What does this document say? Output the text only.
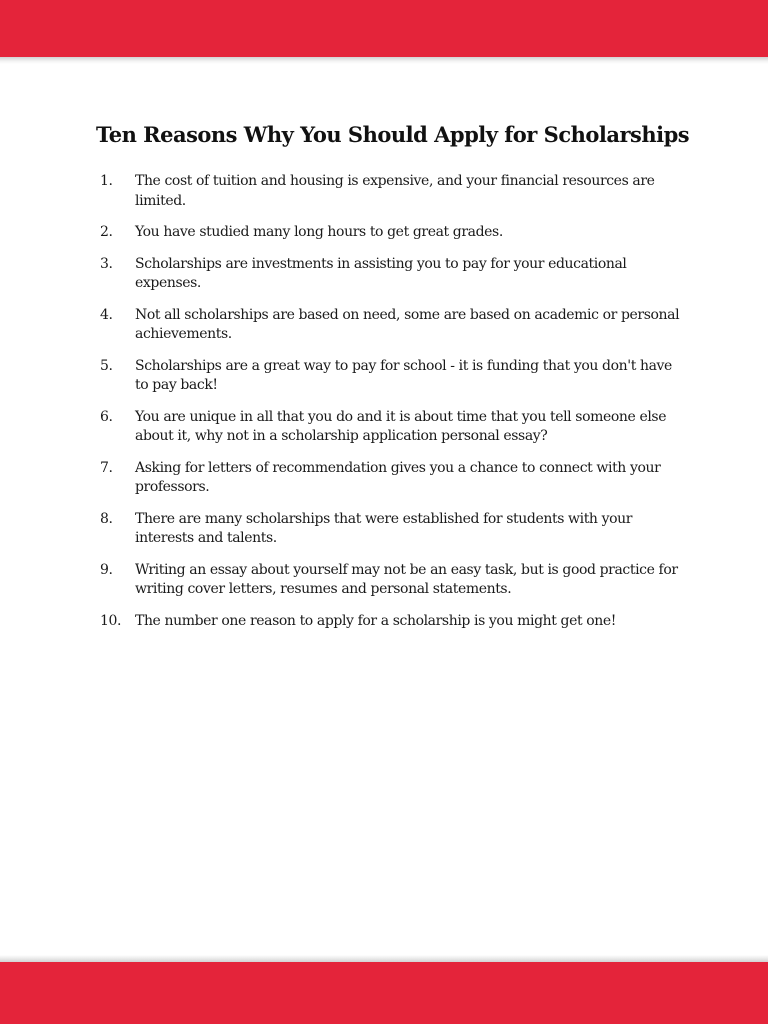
Ten Reasons Why You Should Apply for Scholarships
1. The cost of tuition and housing is expensive, and your financial resources are limited.
2. You have studied many long hours to get great grades.
3. Scholarships are investments in assisting you to pay for your educational expenses.
4. Not all scholarships are based on need, some are based on academic or personal achievements.
5. Scholarships are a great way to pay for school - it is funding that you don't have to pay back!
6. You are unique in all that you do and it is about time that you tell someone else about it, why not in a scholarship application personal essay?
7. Asking for letters of recommendation gives you a chance to connect with your professors.
8. There are many scholarships that were established for students with your interests and talents.
9. Writing an essay about yourself may not be an easy task, but is good practice for writing cover letters, resumes and personal statements.
10. The number one reason to apply for a scholarship is you might get one!
